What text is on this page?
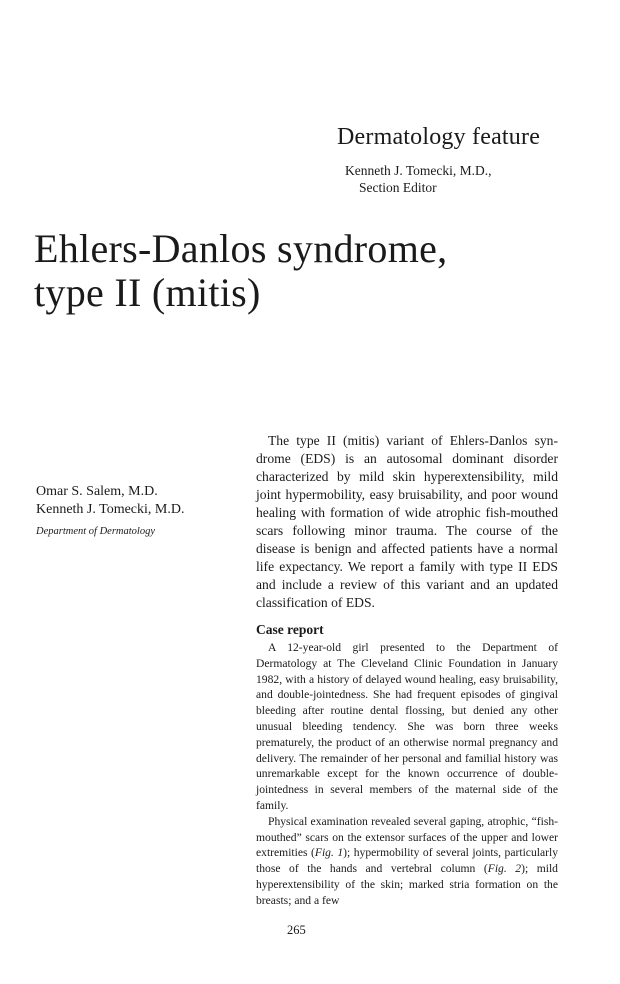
Dermatology feature
Kenneth J. Tomecki, M.D.,
Section Editor
Ehlers-Danlos syndrome,
type II (mitis)
Omar S. Salem, M.D.
Kenneth J. Tomecki, M.D.
Department of Dermatology

The type II (mitis) variant of Ehlers-Danlos syndrome (EDS) is an autosomal dominant disorder characterized by mild skin hyperextensibility, mild joint hypermobility, easy bruisability, and poor wound healing with formation of wide atrophic fish-mouthed scars following minor trauma. The course of the disease is benign and affected patients have a normal life expectancy. We report a family with type II EDS and include a review of this variant and an updated classification of EDS.

Case report

A 12-year-old girl presented to the Department of Dermatology at The Cleveland Clinic Foundation in January 1982, with a history of delayed wound healing, easy bruisability, and double-jointedness. She had frequent episodes of gingival bleeding after routine dental flossing, but denied any other unusual bleeding tendency. She was born three weeks prematurely, the product of an otherwise normal pregnancy and delivery. The remainder of her personal and familial history was unremarkable except for the known occurrence of double-jointedness in several members of the maternal side of the family.

Physical examination revealed several gaping, atrophic, “fish-mouthed” scars on the extensor surfaces of the upper and lower extremities (Fig. 1); hypermobility of several joints, particularly those of the hands and vertebral column (Fig. 2); mild hyperextensibility of the skin; marked stria formation on the breasts; and a few

265
